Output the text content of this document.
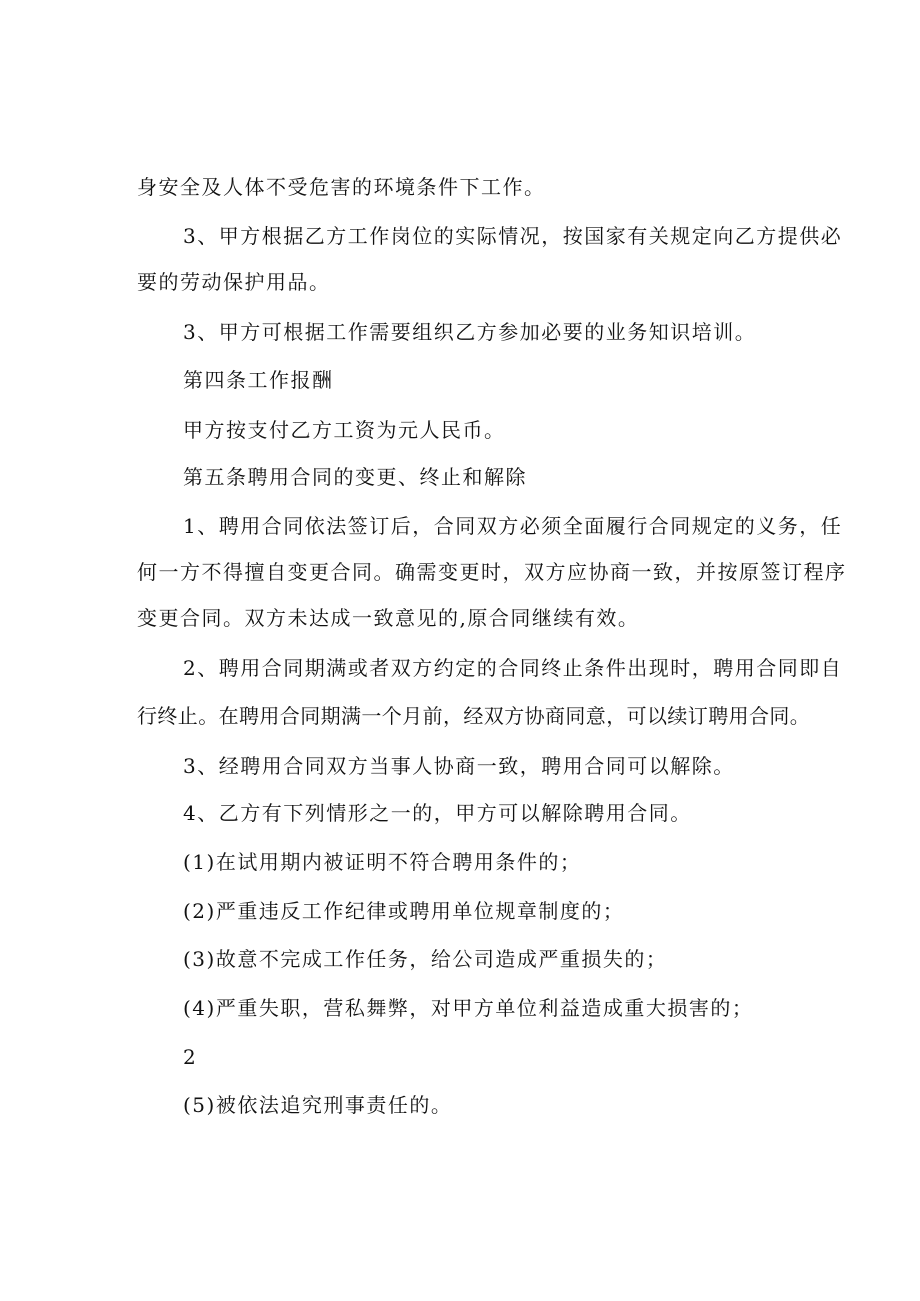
身安全及人体不受危害的环境条件下工作。
3、甲方根据乙方工作岗位的实际情况，按国家有关规定向乙方提供必
要的劳动保护用品。
3、甲方可根据工作需要组织乙方参加必要的业务知识培训。
第四条工作报酬
甲方按支付乙方工资为元人民币。
第五条聘用合同的变更、终止和解除
1、聘用合同依法签订后，合同双方必须全面履行合同规定的义务，任
何一方不得擅自变更合同。确需变更时，双方应协商一致，并按原签订程序
变更合同。双方未达成一致意见的,原合同继续有效。
2、聘用合同期满或者双方约定的合同终止条件出现时，聘用合同即自
行终止。在聘用合同期满一个月前，经双方协商同意，可以续订聘用合同。
3、经聘用合同双方当事人协商一致，聘用合同可以解除。
4、乙方有下列情形之一的，甲方可以解除聘用合同。
(1)在试用期内被证明不符合聘用条件的；
(2)严重违反工作纪律或聘用单位规章制度的；
(3)故意不完成工作任务，给公司造成严重损失的；
(4)严重失职，营私舞弊，对甲方单位利益造成重大损害的；
2
(5)被依法追究刑事责任的。
